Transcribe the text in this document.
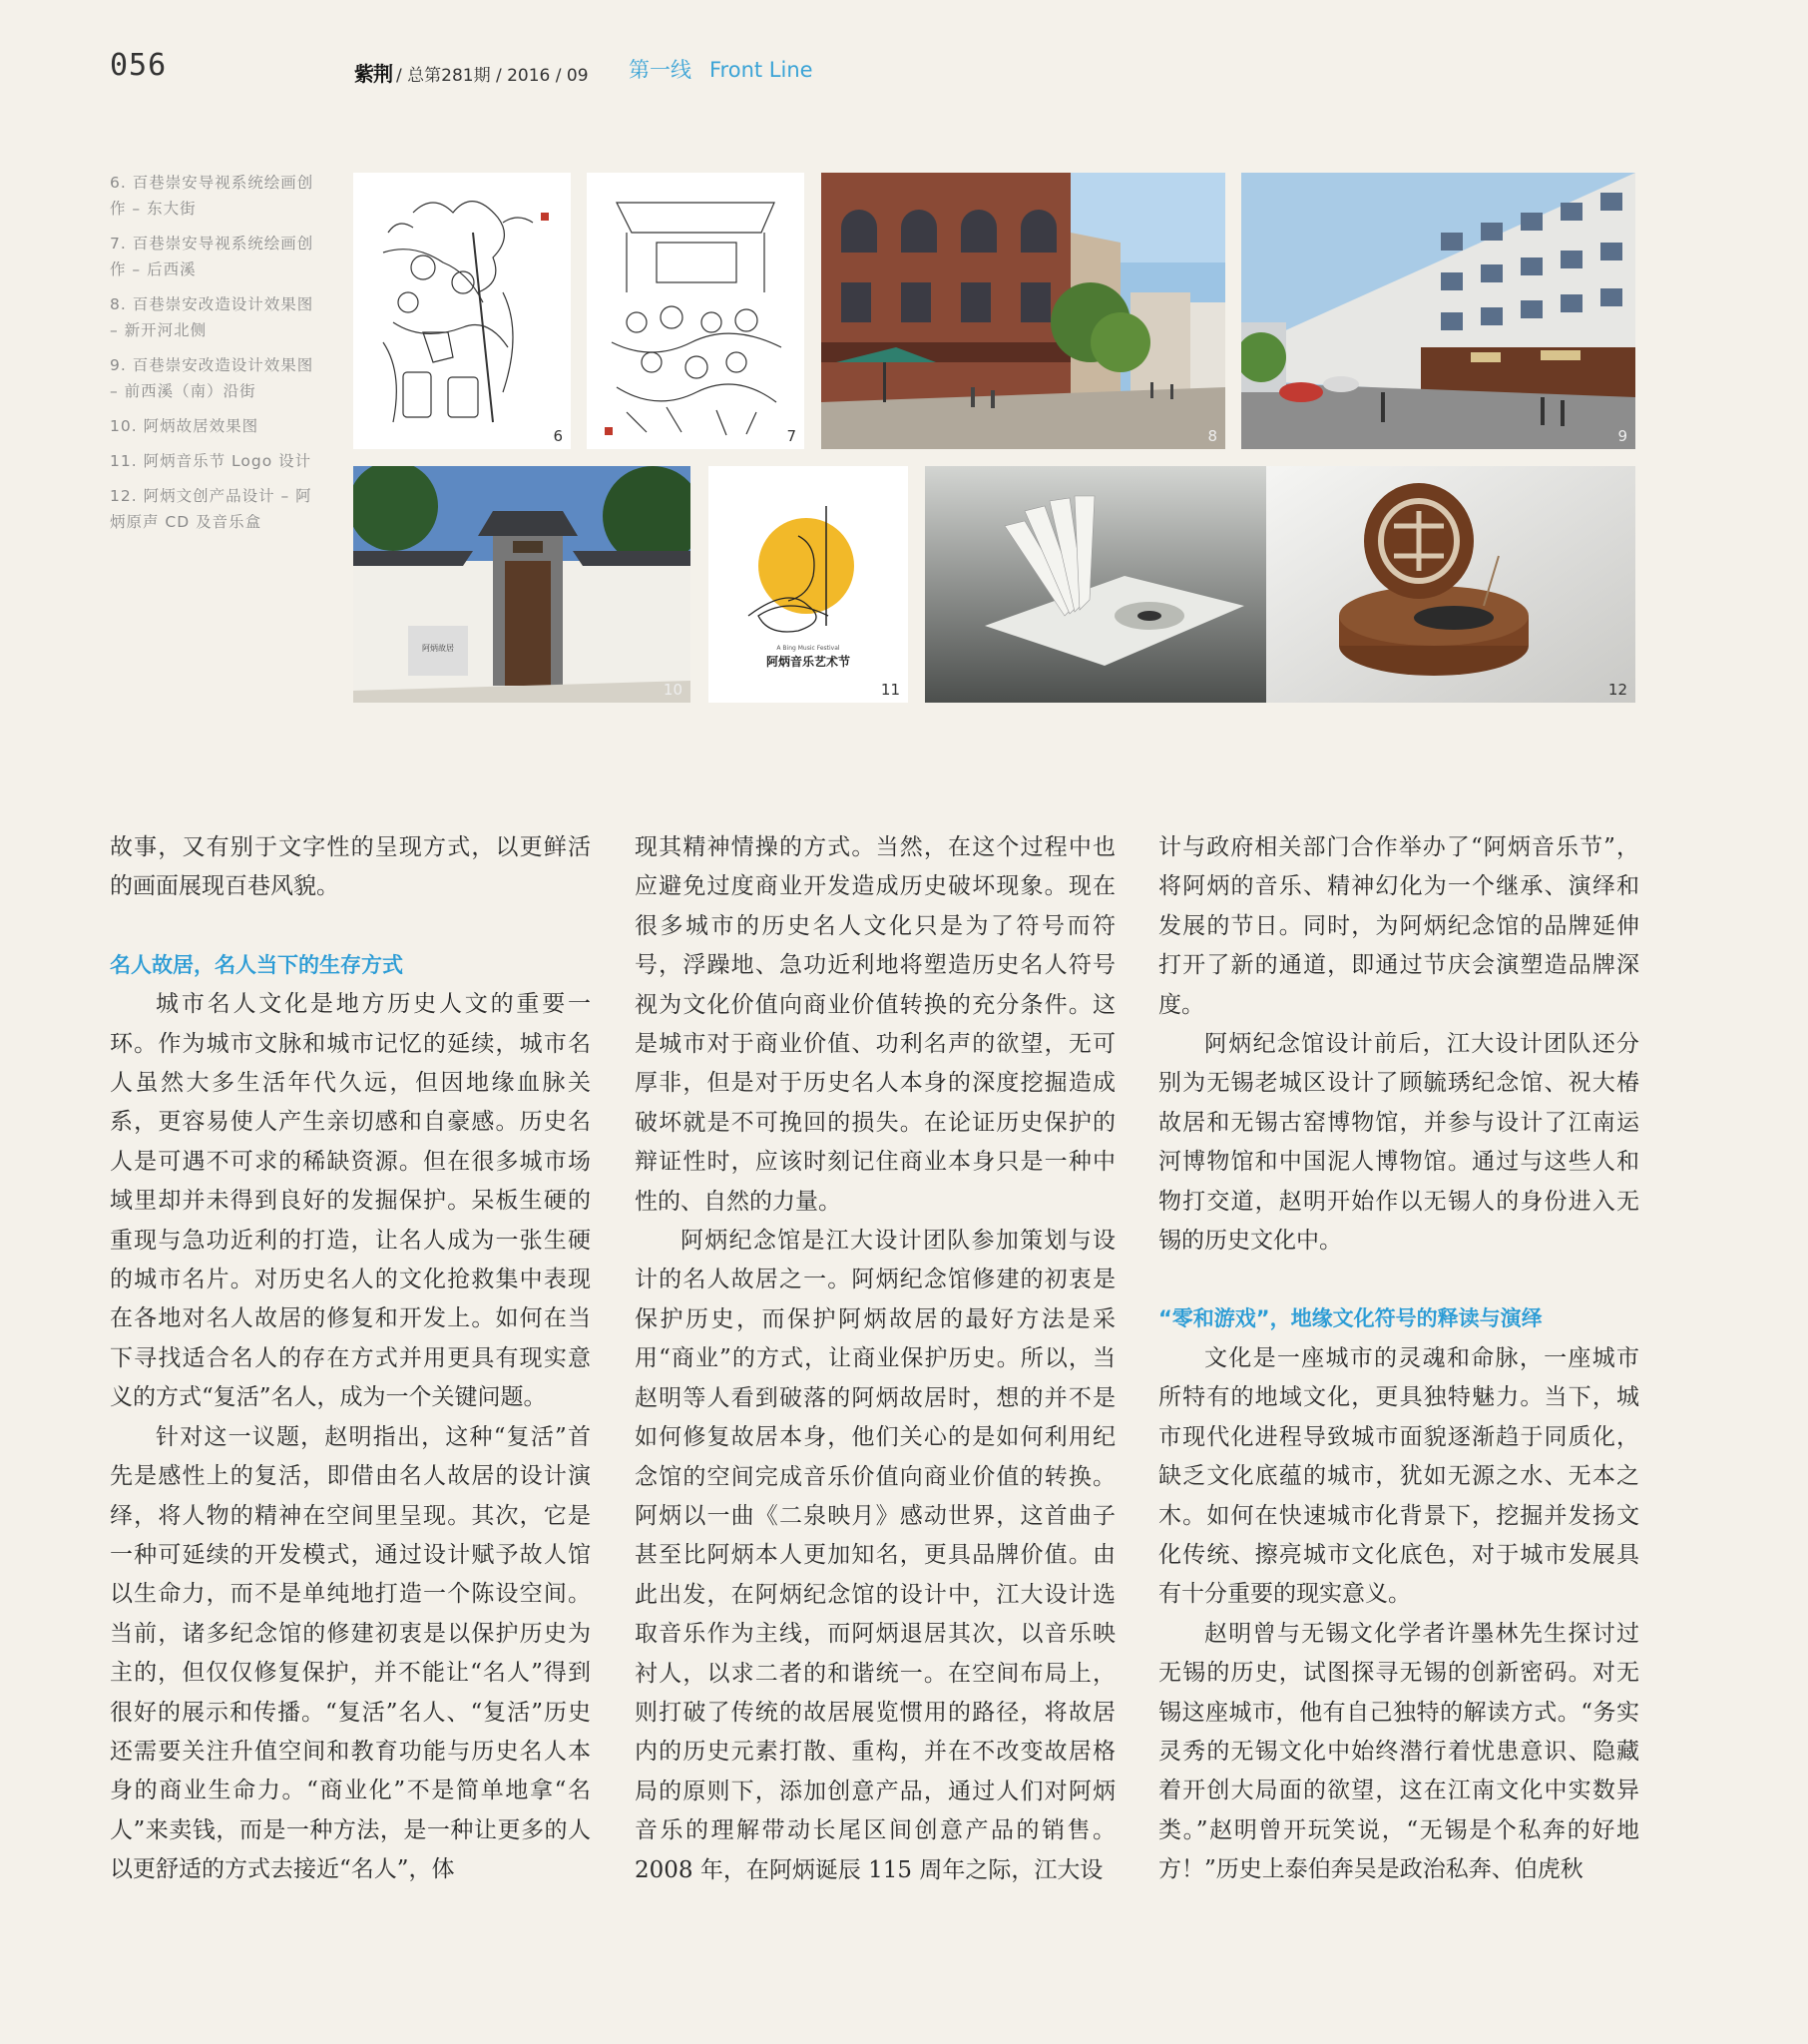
056	紫荆 / 总第281期 / 2016 / 09 第一线 Front Line
6. 百巷崇安导视系统绘画创作 – 东大街
7. 百巷崇安导视系统绘画创作 – 后西溪
8. 百巷崇安改造设计效果图 – 新开河北侧
9. 百巷崇安改造设计效果图 – 前西溪（南）沿街
10. 阿炳故居效果图
11. 阿炳音乐节 Logo 设计
12. 阿炳文创产品设计 – 阿炳原声 CD 及音乐盒
6	7	8	9
阿炳故居
10
A Bing Music Festival
阿炳音乐艺术节
11	12

故事，又有别于文字性的呈现方式，以更鲜活的画面展现百巷风貌。

名人故居，名人当下的生存方式

城市名人文化是地方历史人文的重要一环。作为城市文脉和城市记忆的延续，城市名人虽然大多生活年代久远，但因地缘血脉关系，更容易使人产生亲切感和自豪感。历史名人是可遇不可求的稀缺资源。但在很多城市场域里却并未得到良好的发掘保护。呆板生硬的重现与急功近利的打造，让名人成为一张生硬的城市名片。对历史名人的文化抢救集中表现在各地对名人故居的修复和开发上。如何在当下寻找适合名人的存在方式并用更具有现实意义的方式“复活”名人，成为一个关键问题。

针对这一议题，赵明指出，这种“复活”首先是感性上的复活，即借由名人故居的设计演绎，将人物的精神在空间里呈现。其次，它是一种可延续的开发模式，通过设计赋予故人馆以生命力，而不是单纯地打造一个陈设空间。当前，诸多纪念馆的修建初衷是以保护历史为主的，但仅仅修复保护，并不能让“名人”得到很好的展示和传播。“复活”名人、“复活”历史还需要关注升值空间和教育功能与历史名人本身的商业生命力。“商业化”不是简单地拿“名人”来卖钱，而是一种方法，是一种让更多的人以更舒适的方式去接近“名人”，体

现其精神情操的方式。当然，在这个过程中也应避免过度商业开发造成历史破坏现象。现在很多城市的历史名人文化只是为了符号而符号，浮躁地、急功近利地将塑造历史名人符号视为文化价值向商业价值转换的充分条件。这是城市对于商业价值、功利名声的欲望，无可厚非，但是对于历史名人本身的深度挖掘造成破坏就是不可挽回的损失。在论证历史保护的辩证性时，应该时刻记住商业本身只是一种中性的、自然的力量。

阿炳纪念馆是江大设计团队参加策划与设计的名人故居之一。阿炳纪念馆修建的初衷是保护历史，而保护阿炳故居的最好方法是采用“商业”的方式，让商业保护历史。所以，当赵明等人看到破落的阿炳故居时，想的并不是如何修复故居本身，他们关心的是如何利用纪念馆的空间完成音乐价值向商业价值的转换。阿炳以一曲《二泉映月》感动世界，这首曲子甚至比阿炳本人更加知名，更具品牌价值。由此出发，在阿炳纪念馆的设计中，江大设计选取音乐作为主线，而阿炳退居其次，以音乐映衬人，以求二者的和谐统一。在空间布局上，则打破了传统的故居展览惯用的路径，将故居内的历史元素打散、重构，并在不改变故居格局的原则下，添加创意产品，通过人们对阿炳音乐的理解带动长尾区间创意产品的销售。2008 年，在阿炳诞辰 115 周年之际，江大设

计与政府相关部门合作举办了“阿炳音乐节”，将阿炳的音乐、精神幻化为一个继承、演绎和发展的节日。同时，为阿炳纪念馆的品牌延伸打开了新的通道，即通过节庆会演塑造品牌深度。

阿炳纪念馆设计前后，江大设计团队还分别为无锡老城区设计了顾毓琇纪念馆、祝大椿故居和无锡古窑博物馆，并参与设计了江南运河博物馆和中国泥人博物馆。通过与这些人和物打交道，赵明开始作以无锡人的身份进入无锡的历史文化中。

“零和游戏”，地缘文化符号的释读与演绎

文化是一座城市的灵魂和命脉，一座城市所特有的地域文化，更具独特魅力。当下，城市现代化进程导致城市面貌逐渐趋于同质化，缺乏文化底蕴的城市，犹如无源之水、无本之木。如何在快速城市化背景下，挖掘并发扬文化传统、擦亮城市文化底色，对于城市发展具有十分重要的现实意义。

赵明曾与无锡文化学者许墨林先生探讨过无锡的历史，试图探寻无锡的创新密码。对无锡这座城市，他有自己独特的解读方式。“务实灵秀的无锡文化中始终潜行着忧患意识、隐藏着开创大局面的欲望，这在江南文化中实数异类。”赵明曾开玩笑说，“无锡是个私奔的好地方！”历史上泰伯奔吴是政治私奔、伯虎秋
